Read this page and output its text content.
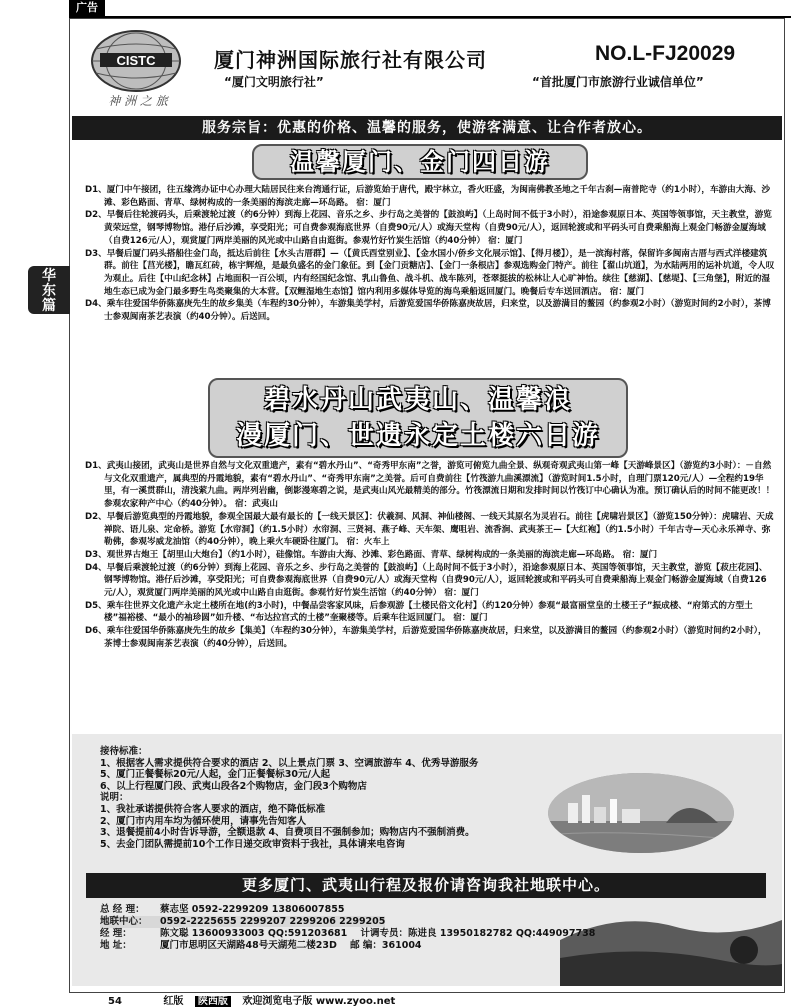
广告
华
东
篇
CISTC
神 洲 之 旅
厦门神洲国际旅行社有限公司	NO.L-FJ20029
“厦门文明旅行社”	“首批厦门市旅游行业诚信单位”
服务宗旨：优惠的价格、温馨的服务，使游客满意、让合作者放心。
温馨厦门、金门四日游

D1、厦门中午接团，往五缘湾办证中心办理大陆居民往来台湾通行证，后游览始于唐代，殿宇林立，香火旺盛，为闽南佛教圣地之千年古刹—南普陀寺（约1小时），车游由大海、沙滩、彩色路面、青草、绿树构成的一条美丽的海滨走廊—环岛路。 宿：厦门

D2、早餐后往轮渡码头，后乘渡轮过渡（约6分钟）到海上花园、音乐之乡、步行岛之美誉的【鼓浪屿】（上岛时间不低于3小时），沿途参观原日本、英国等领事馆，天主教堂，游览黄荣远堂，钢琴博物馆。港仔后沙滩，享受阳光；可自费参观海底世界（自费90元/人）或海天堂构（自费90元/人），返回轮渡或和平码头可自费乘船海上观金门畅游金厦海域（自费126元/人），观赏厦门两岸美丽的风光或中山路自由逛街。参观竹好竹炭生活馆（约40分钟） 宿：厦门

D3、早餐后厦门码头搭船往金门岛，抵达后前往【水头古厝群】—（【黄氏酉堂别业】、【金水国小/侨乡文化展示馆】、【得月楼】），是一滨海村落，保留许多闽南古厝与西式洋楼建筑群。前往【莒光楼】，瞻瓦红砖，栋宇辉煌，是最负盛名的金门象征。到【金门贡糖店】、【金门一条根店】参观选购金门特产。前往【翟山坑道】，为水陆两用的运补坑道，令人叹为观止。后往【中山纪念林】占地面积一百公顷，内有经国纪念馆、乳山鲁鱼、战斗机、战车陈列，苍翠挺拔的松林让人心旷神怡。续往【慈湖】、【慈堤】、【三角堡】，附近的湿地生态已成为金门最多野生鸟类聚集的大本营。【双鲤湿地生态馆】馆内利用多媒体导览的海鸟乘船返回厦门。晚餐后专车送回酒店。 宿：厦门

D4、乘车往爱国华侨陈嘉庚先生的故乡集美（车程约30分钟），车游集美学村，后游览爱国华侨陈嘉庚故居，归来堂，以及游满目的鳌园（约参观2小时）（游览时间约2小时），茶博士参观闽南茶艺表演（约40分钟）。后送回。

碧水丹山武夷山、温馨浪
漫厦门、世遗永定土楼六日游

D1、武夷山接团，武夷山是世界自然与文化双重遗产，素有“碧水丹山”、“奇秀甲东南”之誉，游览可俯览九曲全景、纵观奇观武夷山第一峰【天游峰景区】（游览约3小时）：－自然与文化双重遗产，属典型的丹霞地貌，素有“碧水丹山”、“奇秀甲东南”之美誉。后可自费前往【竹筏游九曲溪漂流】（游览时间1.5小时，自理门票120元/人）—全程约19华里，有一溪贯群山，清浅萦九曲。两岸列岩幽，倒影漫寒碧之说，是武夷山风光最精美的部分。竹筏漂流日期和发排时间以竹筏订中心确认为准。预订确认后的时间不能更改！！参观农家种产中心（约40分钟）。 宿：武夷山

D2、早餐后游览典型的丹霞地貌，参观全国最大最有最长的【一线天景区】：伏羲洞、风洞、神仙楼阁、一线天其原名为灵岩石。前往【虎啸岩景区】（游览150分钟）：虎啸岩、天成禅院、语儿泉、定命桥。游览【水帘洞】（约1.5小时）水帘洞、三贤祠、燕子峰、天车架、鹰咀岩、流香涧、武夷茶王—【大红袍】（约1.5小时）千年古寺—天心永乐禅寺、弥勒佛，参观岑威龙油馆（约40分钟），晚上乘火车硬卧往厦门。 宿：火车上

D3、观世界古炮王【胡里山大炮台】（约1小时），硅像馆。车游由大海、沙滩、彩色路面、青草、绿树构成的一条美丽的海滨走廊—环岛路。 宿：厦门

D4、早餐后乘渡轮过渡（约6分钟）到海上花园、音乐之乡、步行岛之美誉的【鼓浪屿】（上岛时间不低于3小时），沿途参观原日本、英国等领事馆，天主教堂，游览【菽庄花园】、钢琴博物馆。港仔后沙滩，享受阳光；可自费参观海底世界（自费90元/人）或海天堂构（自费90元/人），返回轮渡或和平码头可自费乘船海上观金门畅游金厦海域（自费126元/人），观赏厦门两岸美丽的风光或中山路自由逛街。参观竹好竹炭生活馆（约40分钟） 宿：厦门

D5、乘车往世界文化遗产永定土楼所在地(约3小时)，中餐品尝客家风味，后参观游【土楼民俗文化村】（约120分钟）参观“最富丽堂皇的土楼王子”振成楼、“府第式的方型土楼”福裕楼、“最小的袖珍圆”如升楼、“布达拉宫式的土楼”奎聚楼等。后乘车往返回厦门。 宿：厦门

D6、乘车往爱国华侨陈嘉庚先生的故乡【集美】（车程约30分钟），车游集美学村，后游览爱国华侨陈嘉庚故居，归来堂，以及游满目的鳌园（约参观2小时）（游览时间约2小时），茶博士参观闽南茶艺表演（约40分钟），后送回。

接待标准：

1、根据客人需求提供符合要求的酒店 2、以上景点门票 3、空调旅游车 4、优秀导游服务

5、厦门正餐餐标20元/人起，金门正餐餐标30元/人起

6、以上行程厦门段、武夷山段各2个购物店，金门段3个购物店

说明：

1、我社承诺提供符合客人要求的酒店，绝不降低标准

2、厦门市内用车均为循环使用，请事先告知客人

3、退餐提前4小时告诉导游，全额退款 4、自费项目不强制参加；购物店内不强制消费。

5、去金门团队需提前10个工作日递交政审资料于我社，具体请来电咨询

更多厦门、武夷山行程及报价请咨询我社地联中心。

总 经 理： 蔡志坚 0592-2299209 13806007855

地联中心： 0592-2225655 2299207 2299206 2299205

经 理：	陈文聪 13600933003 QQ:591203681 计调专员：陈进良 13950182782 QQ:449097738

地 址：	厦门市思明区天湖路48号天湖苑二楼23D 邮 编：361004

54	红版 陕西版 欢迎浏览电子版 www.zyoo.net
